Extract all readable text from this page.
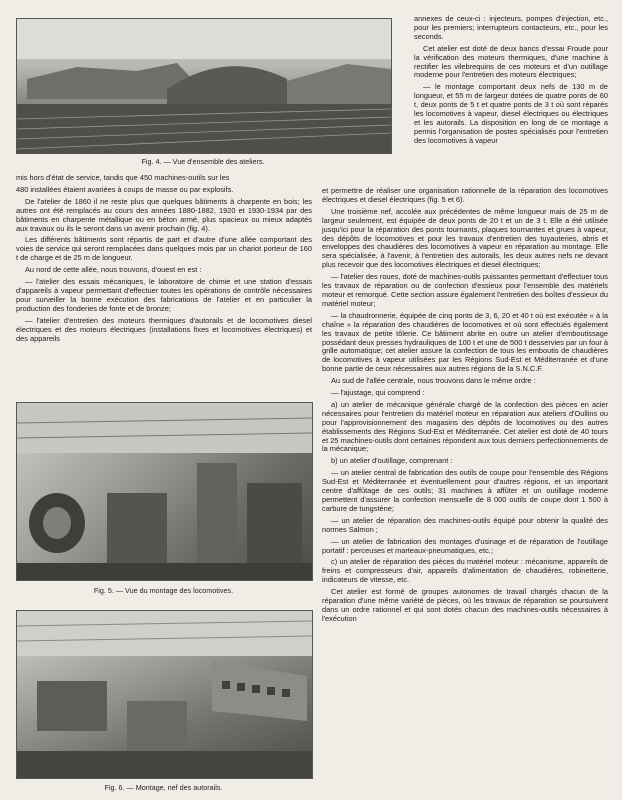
Fig. 4. — Vue d'ensemble des ateliers.

annexes de ceux-ci : injecteurs, pompes d'injection, etc., pour les premiers; interrupteurs contacteurs, etc., pour les seconds.

Cet atelier est doté de deux bancs d'essai Froude pour la vérification des moteurs thermiques, d'une machine à rectifier les vilebrequins de ces moteurs et d'un outillage moderne pour l'entretien des moteurs électriques;

— le montage comportant deux nefs de 130 m de longueur, et 55 m de largeur dotées de quatre ponts de 60 t, deux ponts de 5 t et quatre ponts de 3 t où sont réparés les locomotives à vapeur, diesel électriques ou électriques et les autorails. La disposition en long de ce montage a permis l'organisation de postes spécialisés pour l'entretien des locomotives à vapeur

mis hors d'état de service, tandis que 450 machines-outils sur les

480 installées étaient avariées à coups de masse ou par explosifs.

De l'atelier de 1860 il ne reste plus que quelques bâtiments à charpente en bois; les autres ont été remplacés au cours des années 1880-1882, 1920 et 1930-1934 par des bâtiments en charpente métallique ou en béton armé, plus spacieux ou mieux adaptés aux travaux ou ils le seront dans un avenir prochain (fig. 4).

Les différents bâtiments sont répartis de part et d'autre d'une allée comportant des voies de service qui seront remplacées dans quelques mois par un chariot porteur de 160 t de charge et de 25 m de longueur.

Au nord de cette allée, nous trouvons, d'ouest en est :

— l'atelier des essais mécaniques, le laboratoire de chimie et une station d'essais d'appareils à vapeur permettant d'effectuer toutes les opérations de contrôle nécessaires pour surveiller la bonne exécution des fabrications de l'atelier et en particulier la production des fonderies de fonte et de bronze;

— l'atelier d'entretien des moteurs thermiques d'autorails et de locomotives diesel électriques et des moteurs électriques (installations fixes et locomotives électriques) et des appareils

Fig. 5. — Vue du montage des locomotives.
Fig. 6. — Montage, nef des autorails.

et permettre de réaliser une organisation rationnelle de la réparation des locomotives électriques et diesel électriques (fig. 5 et 6).

Une troisième nef, accolée aux précédentes de même longueur mais de 25 m de largeur seulement, est équipée de deux ponts de 20 t et un de 3 t. Elle a été utilisée jusqu'ici pour la réparation des ponts tournants, plaques tournantes et grues à vapeur, des dépôts de locomotives et pour les travaux d'entretien des tuyauteries, abris et enveloppes des chaudières des locomotives à vapeur en réparation au montage. Elle sera spécialisée, à l'avenir, à l'entretien des autorails, les deux autres nefs ne devant plus recevoir que des locomotives électriques et diesel électriques;

— l'atelier des roues, doté de machines-outils puissantes permettant d'effectuer tous les travaux de réparation ou de confection d'essieux pour l'ensemble des matériels moteur et remorqué. Cette section assure également l'entretien des boîtes d'essieux du matériel moteur;

— la chaudronnerie, équipée de cinq ponts de 3, 6, 20 et 40 t où est exécutée « à la chaîne » la réparation des chaudières de locomotives et où sont effectués également les travaux de petite tôlerie. Ce bâtiment abrite en outre un atelier d'emboutissage possédant deux presses hydrauliques de 100 t et une de 500 t desservies par un four à grille automatique; cet atelier assure la confection de tous les emboutis de chaudières de locomotives à vapeur utilisées par les Régions Sud-Est et Méditerranée et d'une bonne partie de ceux nécessaires aux autres régions de la S.N.C.F.

Au sud de l'allée centrale, nous trouvons dans le même ordre :

— l'ajustage, qui comprend :

a) un atelier de mécanique générale chargé de la confection des pièces en acier nécessaires pour l'entretien du matériel moteur en réparation aux ateliers d'Oullins ou pour l'approvisionnement des magasins des dépôts de locomotives ou des autres établissements des Régions Sud-Est et Méditerranée. Cet atelier est doté de 40 tours et 25 machines-outils dont certaines répondent aux tous derniers perfectionnements de la mécanique;

b) un atelier d'outillage, comprenant :

— un atelier central de fabrication des outils de coupe pour l'ensemble des Régions Sud-Est et Méditerranée et éventuellement pour d'autres régions, et un important centre d'affûtage de ces outils; 31 machines à affûter et un outillage moderne permettent d'assurer la confection mensuelle de 8 000 outils de coupe dont 1 500 à carbure de tungstène;

— un atelier de réparation des machines-outils équipé pour obtenir la qualité des normes Salmon ;

— un atelier de fabrication des montages d'usinage et de réparation de l'outillage portatif : perceuses et marteaux-pneumatiques, etc.;

c) un atelier de réparation des pièces du matériel moteur : mécanisme, appareils de freins et compresseurs d'air, appareils d'alimentation de chaudières, robinetterie, indicateurs de vitesse, etc.

Cet atelier est formé de groupes autonomes de travail chargés chacun de la réparation d'une même variété de pièces, où les travaux de réparation se poursuivent dans un ordre rationnel et qui sont dotés chacun des machines-outils nécessaires à l'exécution
